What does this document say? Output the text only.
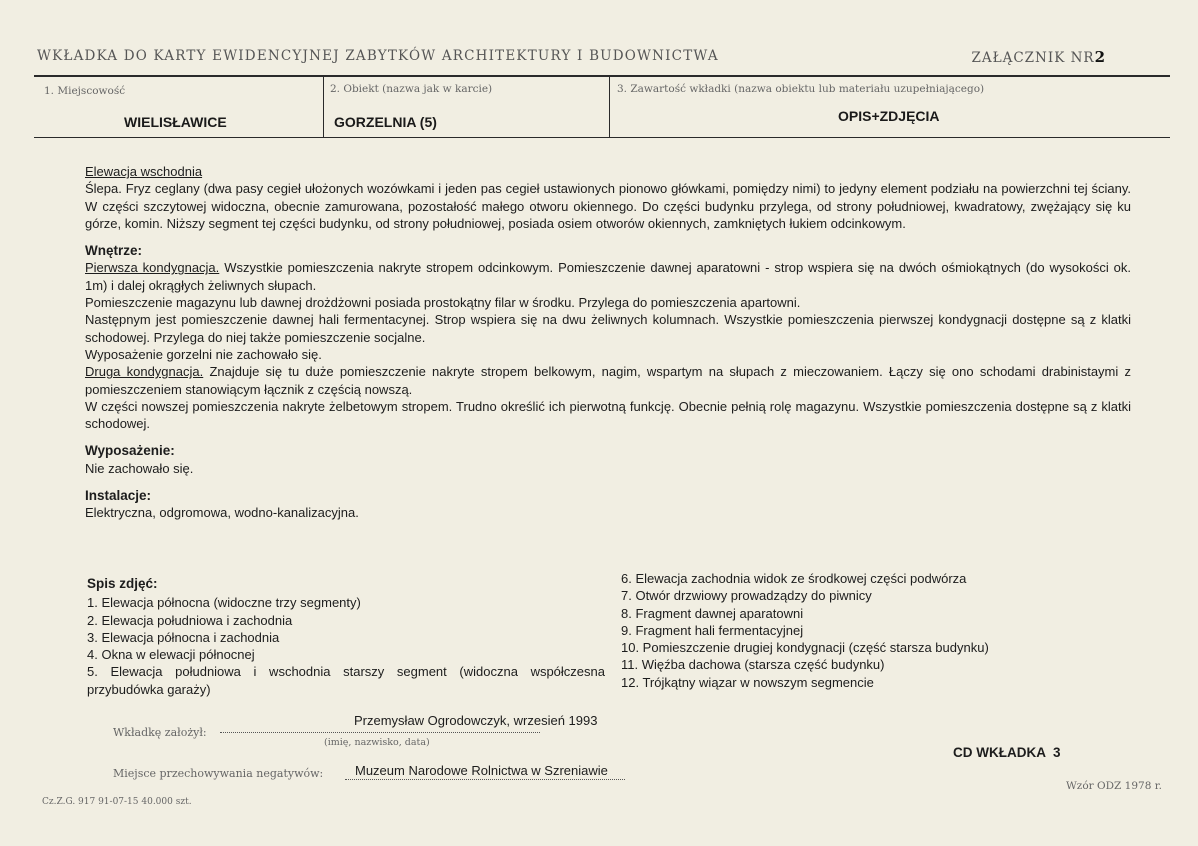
WKŁADKA DO KARTY EWIDENCYJNEJ ZABYTKÓW ARCHITEKTURY I BUDOWNICTWA	ZAŁĄCZNIK NR2
1. Miejscowość
WIELISŁAWICE
2. Obiekt (nazwa jak w karcie)
GORZELNIA (5)
3. Zawartość wkładki (nazwa obiektu lub materiału uzupełniającego)
OPIS+ZDJĘCIA

Elewacja wschodnia

Ślepa. Fryz ceglany (dwa pasy cegieł ułożonych wozówkami i jeden pas cegieł ustawionych pionowo główkami, pomiędzy nimi) to jedyny element podziału na powierzchni tej ściany. W części szczytowej widoczna, obecnie zamurowana, pozostałość małego otworu okiennego. Do części budynku przylega, od strony południowej, kwadratowy, zwężający się ku górze, komin. Niższy segment tej części budynku, od strony południowej, posiada osiem otworów okiennych, zamkniętych łukiem odcinkowym.

Wnętrze:

Pierwsza kondygnacja. Wszystkie pomieszczenia nakryte stropem odcinkowym. Pomieszczenie dawnej aparatowni - strop wspiera się na dwóch ośmiokątnych (do wysokości ok. 1m) i dalej okrągłych żeliwnych słupach.

Pomieszczenie magazynu lub dawnej drożdżowni posiada prostokątny filar w środku. Przylega do pomieszczenia apartowni.

Następnym jest pomieszczenie dawnej hali fermentacynej. Strop wspiera się na dwu żeliwnych kolumnach. Wszystkie pomieszczenia pierwszej kondygnacji dostępne są z klatki schodowej. Przylega do niej także pomieszczenie socjalne.

Wyposażenie gorzelni nie zachowało się.

Druga kondygnacja. Znajduje się tu duże pomieszczenie nakryte stropem belkowym, nagim, wspartym na słupach z mieczowaniem. Łączy się ono schodami drabinistaymi z pomieszczeniem stanowiącym łącznik z częścią nowszą.

W części nowszej pomieszczenia nakryte żelbetowym stropem. Trudno określić ich pierwotną funkcję. Obecnie pełnią rolę magazynu. Wszystkie pomieszczenia dostępne są z klatki schodowej.

Wyposażenie:

Nie zachowało się.

Instalacje:

Elektryczna, odgromowa, wodno-kanalizacyjna.

Spis zdjęć:
1. Elewacja północna (widoczne trzy segmenty)
2. Elewacja południowa i zachodnia
3. Elewacja północna i zachodnia
4. Okna w elewacji północnej
5. Elewacja południowa i wschodnia starszy segment (widoczna współczesna przybudówka garaży)
6. Elewacja zachodnia widok ze środkowej części podwórza
7. Otwór drzwiowy prowadządzy do piwnicy
8. Fragment dawnej aparatowni
9. Fragment hali fermentacyjnej
10. Pomieszczenie drugiej kondygnacji (część starsza budynku)
11. Więźba dachowa (starsza część budynku)
12. Trójkątny wiązar w nowszym segmencie
Wkładkę założył:
Przemysław Ogrodowczyk, wrzesień 1993
(imię, nazwisko, data)
CD WKŁADKA  3
Miejsce przechowywania negatywów: Muzeum Narodowe Rolnictwa w Szreniawie
Cz.Z.G. 917 91-07-15 40.000 szt.
Wzór ODZ 1978 r.
